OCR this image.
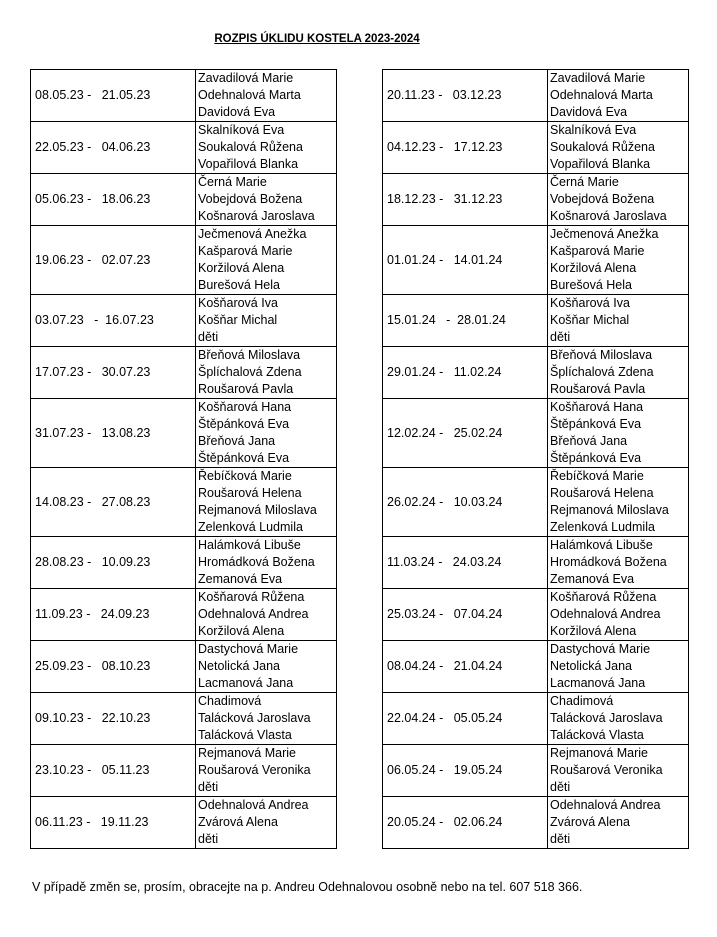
ROZPIS ÚKLIDU KOSTELA 2023-2024
08.05.23 -   21.05.23	Zavadilová Marie
Odehnalová Marta
Davidová Eva

22.05.23 -   04.06.23	Skalníková Eva
Soukalová Růžena
Vopařilová Blanka

05.06.23 -   18.06.23	Černá Marie
Vobejdová Božena
Košnarová Jaroslava

19.06.23 -   02.07.23	Ječmenová Anežka
Kašparová Marie
Koržilová Alena
Burešová Hela

03.07.23   -  16.07.23	Košňarová Iva
Košňar Michal
děti

17.07.23 -   30.07.23	Břeňová Miloslava
Šplíchalová Zdena
Roušarová Pavla

31.07.23 -   13.08.23	Košňarová Hana
Štěpánková Eva
Břeňová Jana
Štěpánková Eva

14.08.23 -   27.08.23	Řebíčková Marie
Roušarová Helena
Rejmanová Miloslava
Zelenková Ludmila

28.08.23 -   10.09.23	Halámková Libuše
Hromádková Božena
Zemanová Eva

11.09.23 -   24.09.23	Košňarová Růžena
Odehnalová Andrea
Koržilová Alena

25.09.23 -   08.10.23	Dastychová Marie
Netolická Jana
Lacmanová Jana

09.10.23 -   22.10.23	Chadimová
Talácková Jaroslava
Talácková Vlasta

23.10.23 -   05.11.23	Rejmanová Marie
Roušarová Veronika
děti

06.11.23 -   19.11.23	Odehnalová Andrea
Zvárová Alena
děti
20.11.23 -   03.12.23	Zavadilová Marie
Odehnalová Marta
Davidová Eva

04.12.23 -   17.12.23	Skalníková Eva
Soukalová Růžena
Vopařilová Blanka

18.12.23 -   31.12.23	Černá Marie
Vobejdová Božena
Košnarová Jaroslava

01.01.24 -   14.01.24	Ječmenová Anežka
Kašparová Marie
Koržilová Alena
Burešová Hela

15.01.24   -  28.01.24	Košňarová Iva
Košňar Michal
děti

29.01.24 -   11.02.24	Břeňová Miloslava
Šplíchalová Zdena
Roušarová Pavla

12.02.24 -   25.02.24	Košňarová Hana
Štěpánková Eva
Břeňová Jana
Štěpánková Eva

26.02.24 -   10.03.24	Řebíčková Marie
Roušarová Helena
Rejmanová Miloslava
Zelenková Ludmila

11.03.24 -   24.03.24	Halámková Libuše
Hromádková Božena
Zemanová Eva

25.03.24 -   07.04.24	Košňarová Růžena
Odehnalová Andrea
Koržilová Alena

08.04.24 -   21.04.24	Dastychová Marie
Netolická Jana
Lacmanová Jana

22.04.24 -   05.05.24	Chadimová
Talácková Jaroslava
Talácková Vlasta

06.05.24 -   19.05.24	Rejmanová Marie
Roušarová Veronika
děti

20.05.24 -   02.06.24	Odehnalová Andrea
Zvárová Alena
děti
V případě změn se, prosím, obracejte na p. Andreu Odehnalovou osobně nebo na tel. 607 518 366.
